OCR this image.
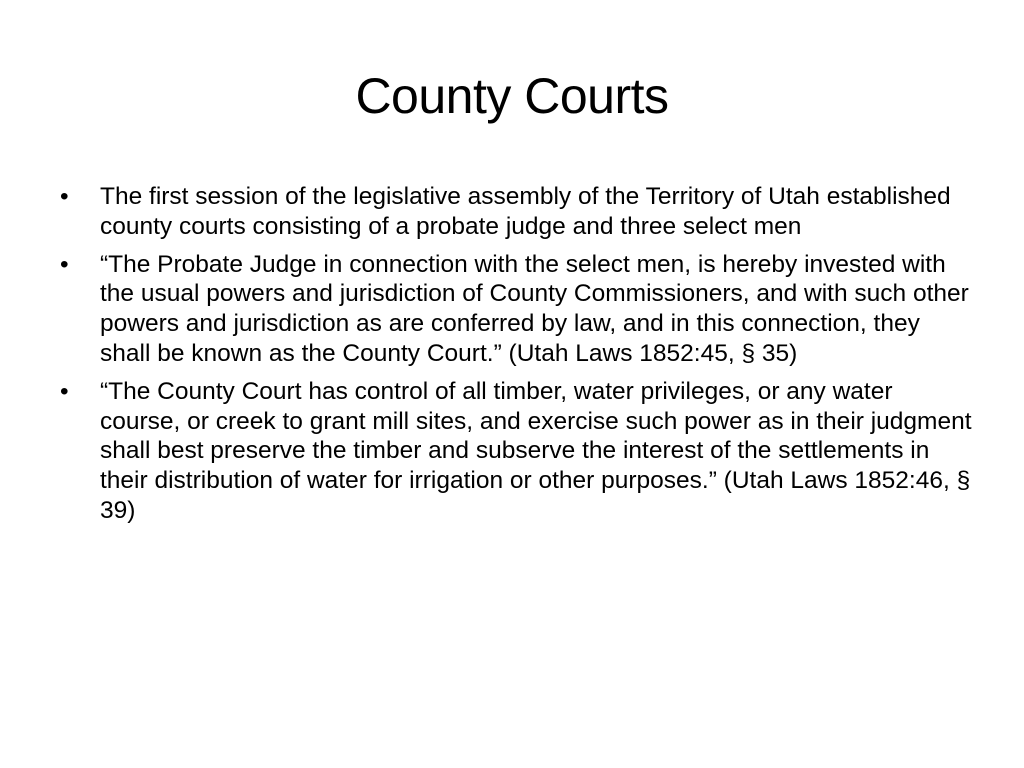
County Courts
•	The first session of the legislative assembly of the Territory of Utah established county courts consisting of a probate judge and three select men
•	“The Probate Judge in connection with the select men, is hereby invested with the usual powers and jurisdiction of County Commissioners, and with such other powers and jurisdiction as are conferred by law, and in this connection, they shall be known as the County Court.” (Utah Laws 1852:45, § 35)
•	“The County Court has control of all timber, water privileges, or any water course, or creek to grant mill sites, and exercise such power as in their judgment shall best preserve the timber and subserve the interest of the settlements in their distribution of water for irrigation or other purposes.” (Utah Laws 1852:46, § 39)
